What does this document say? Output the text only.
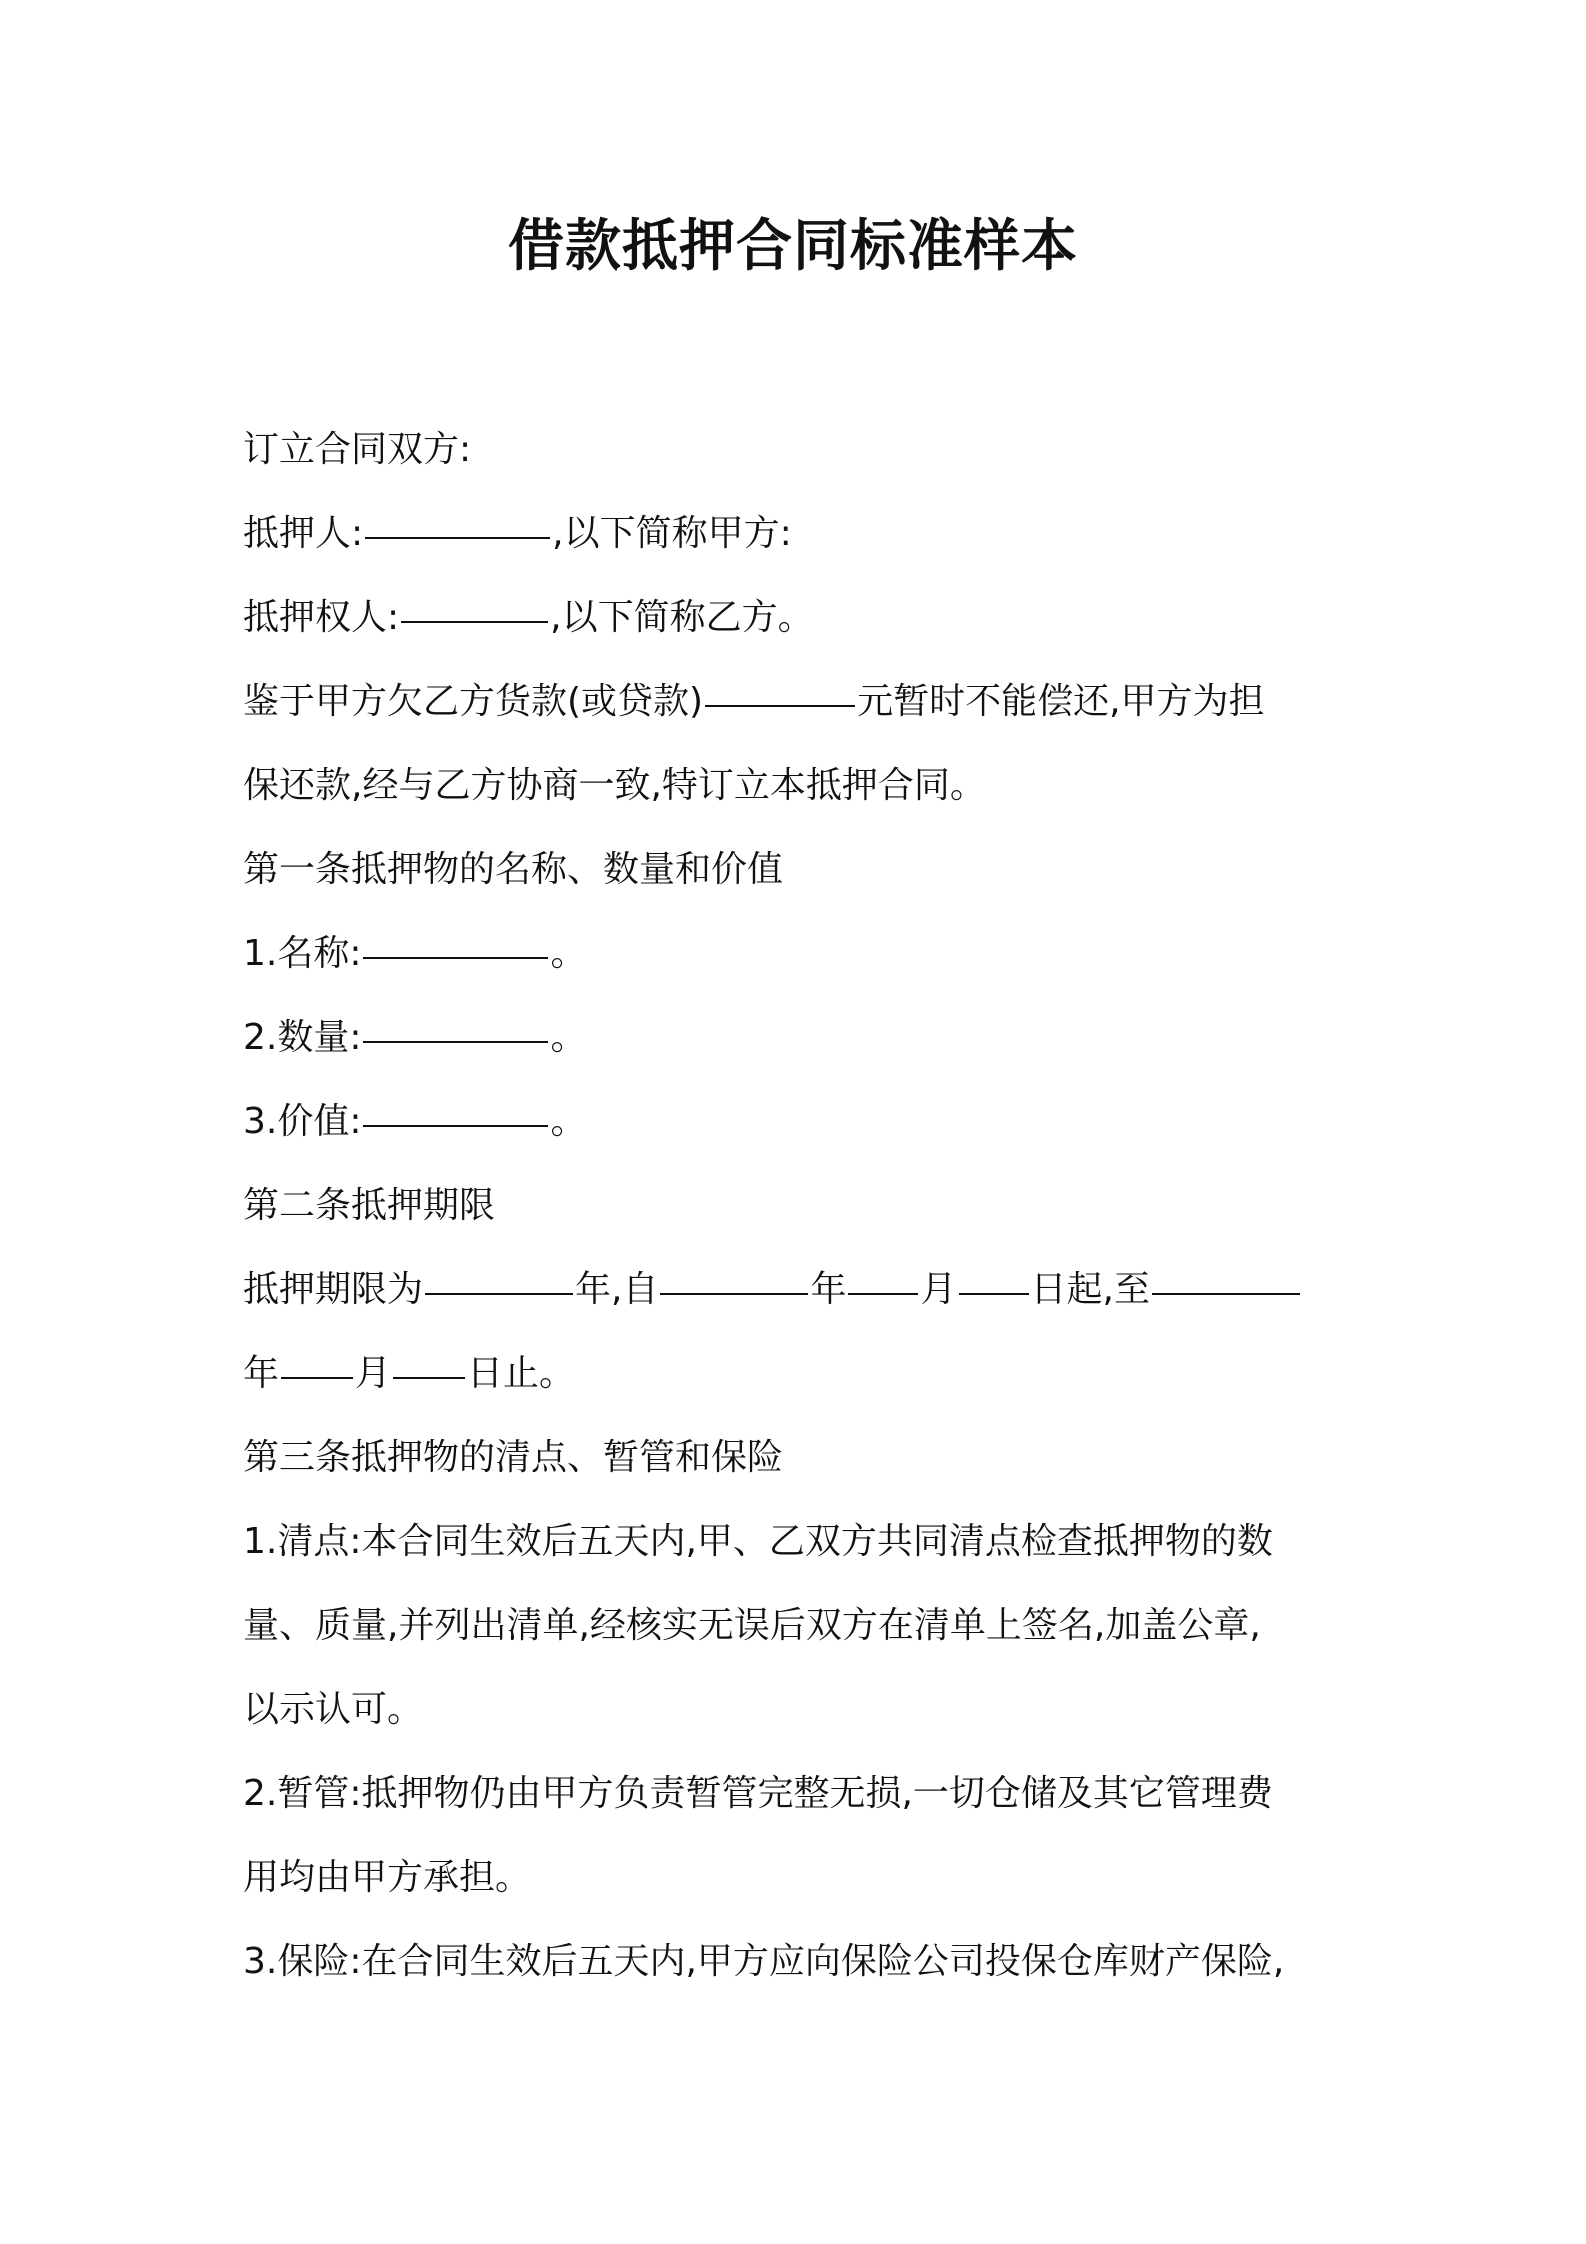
借款抵押合同标准样本
订立合同双方:
抵押人:	,以下简称甲方:
抵押权人:	,以下简称乙方。
鉴于甲方欠乙方货款(或贷款)	元暂时不能偿还,甲方为担
保还款,经与乙方协商一致,特订立本抵押合同。
第一条抵押物的名称、数量和价值
1.名称:	。
2.数量:	。
3.价值:	。
第二条抵押期限
抵押期限为	年,自	年 月 日起,至
年 月 日止。
第三条抵押物的清点、暂管和保险
1.清点:本合同生效后五天内,甲、乙双方共同清点检查抵押物的数
量、质量,并列出清单,经核实无误后双方在清单上签名,加盖公章,
以示认可。
2.暂管:抵押物仍由甲方负责暂管完整无损,一切仓储及其它管理费
用均由甲方承担。
3.保险:在合同生效后五天内,甲方应向保险公司投保仓库财产保险,
